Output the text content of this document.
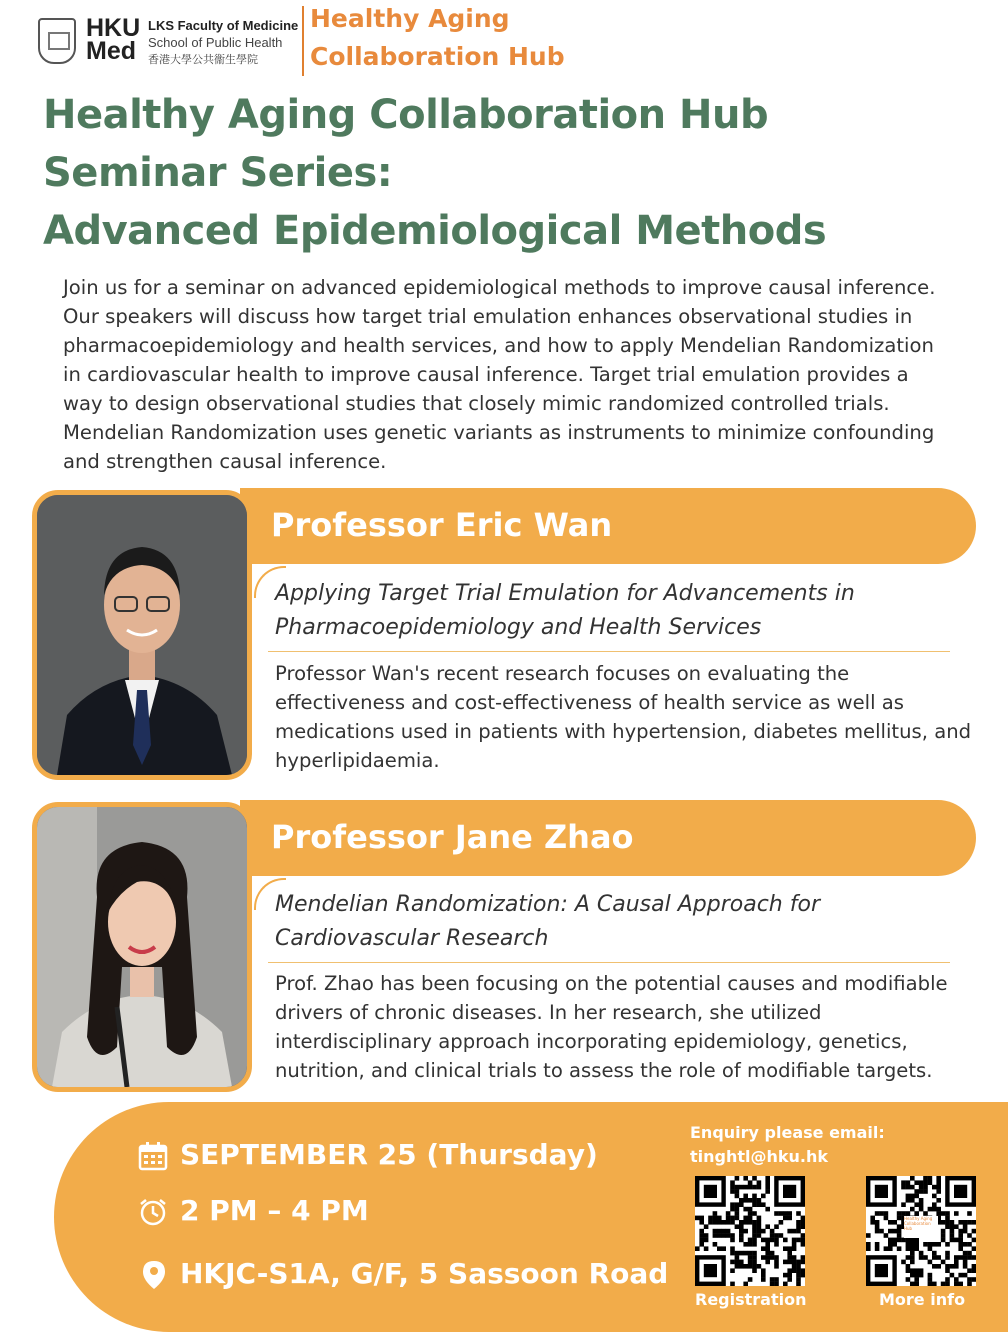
HKU
Med
LKS Faculty of Medicine
School of Public Health
香港大學公共衞生學院
Healthy Aging
Collaboration Hub
Healthy Aging Collaboration Hub
Seminar Series:
Advanced Epidemiological Methods
Join us for a seminar on advanced epidemiological methods to improve causal inference. Our speakers will discuss how target trial emulation enhances observational studies in pharmacoepidemiology and health services, and how to apply Mendelian Randomization in cardiovascular health to improve causal inference. Target trial emulation provides a way to design observational studies that closely mimic randomized controlled trials. Mendelian Randomization uses genetic variants as instruments to minimize confounding and strengthen causal inference.
Professor Eric Wan
Applying Target Trial Emulation for Advancements in Pharmacoepidemiology and Health Services
Professor Wan's recent research focuses on evaluating the effectiveness and cost-effectiveness of health service as well as medications used in patients with hypertension, diabetes mellitus, and hyperlipidaemia.
Professor Jane Zhao
Mendelian Randomization: A Causal Approach for Cardiovascular Research
Prof. Zhao has been focusing on the potential causes and modifiable drivers of chronic diseases. In her research, she utilized interdisciplinary approach incorporating epidemiology, genetics, nutrition, and clinical trials to assess the role of modifiable targets.
SEPTEMBER 25 (Thursday)
2 PM – 4 PM
HKJC-S1A, G/F, 5 Sassoon Road
Enquiry please email:
tinghtl@hku.hk
Registration
Healthy Aging Collaboration Hub
More info
